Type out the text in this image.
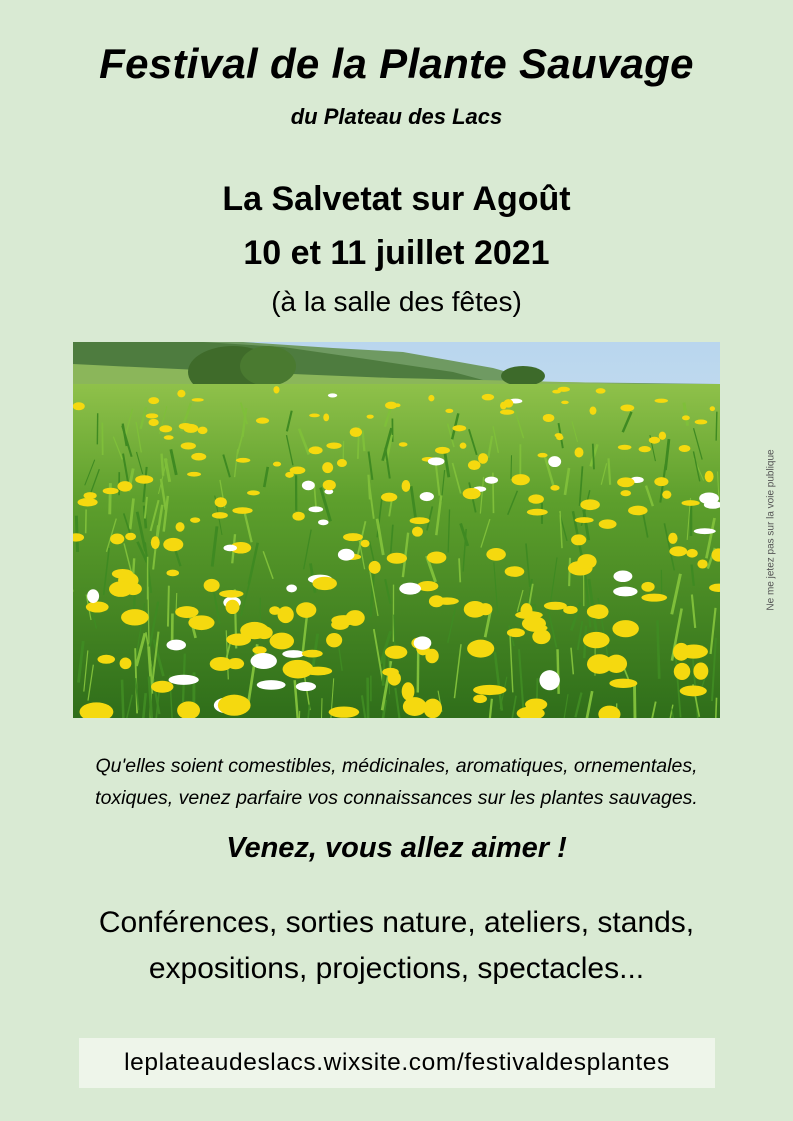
Festival de la Plante Sauvage
du Plateau des Lacs
La Salvetat sur Agoût
10 et 11 juillet 2021
(à la salle des fêtes)
Ne me jetez pas sur la voie publique
Qu'elles soient comestibles, médicinales, aromatiques, ornementales,
toxiques, venez parfaire vos connaissances sur les plantes sauvages.
Venez, vous allez aimer !
Conférences, sorties nature, ateliers, stands,
expositions, projections, spectacles...
leplateaudeslacs.wixsite.com/festivaldesplantes
